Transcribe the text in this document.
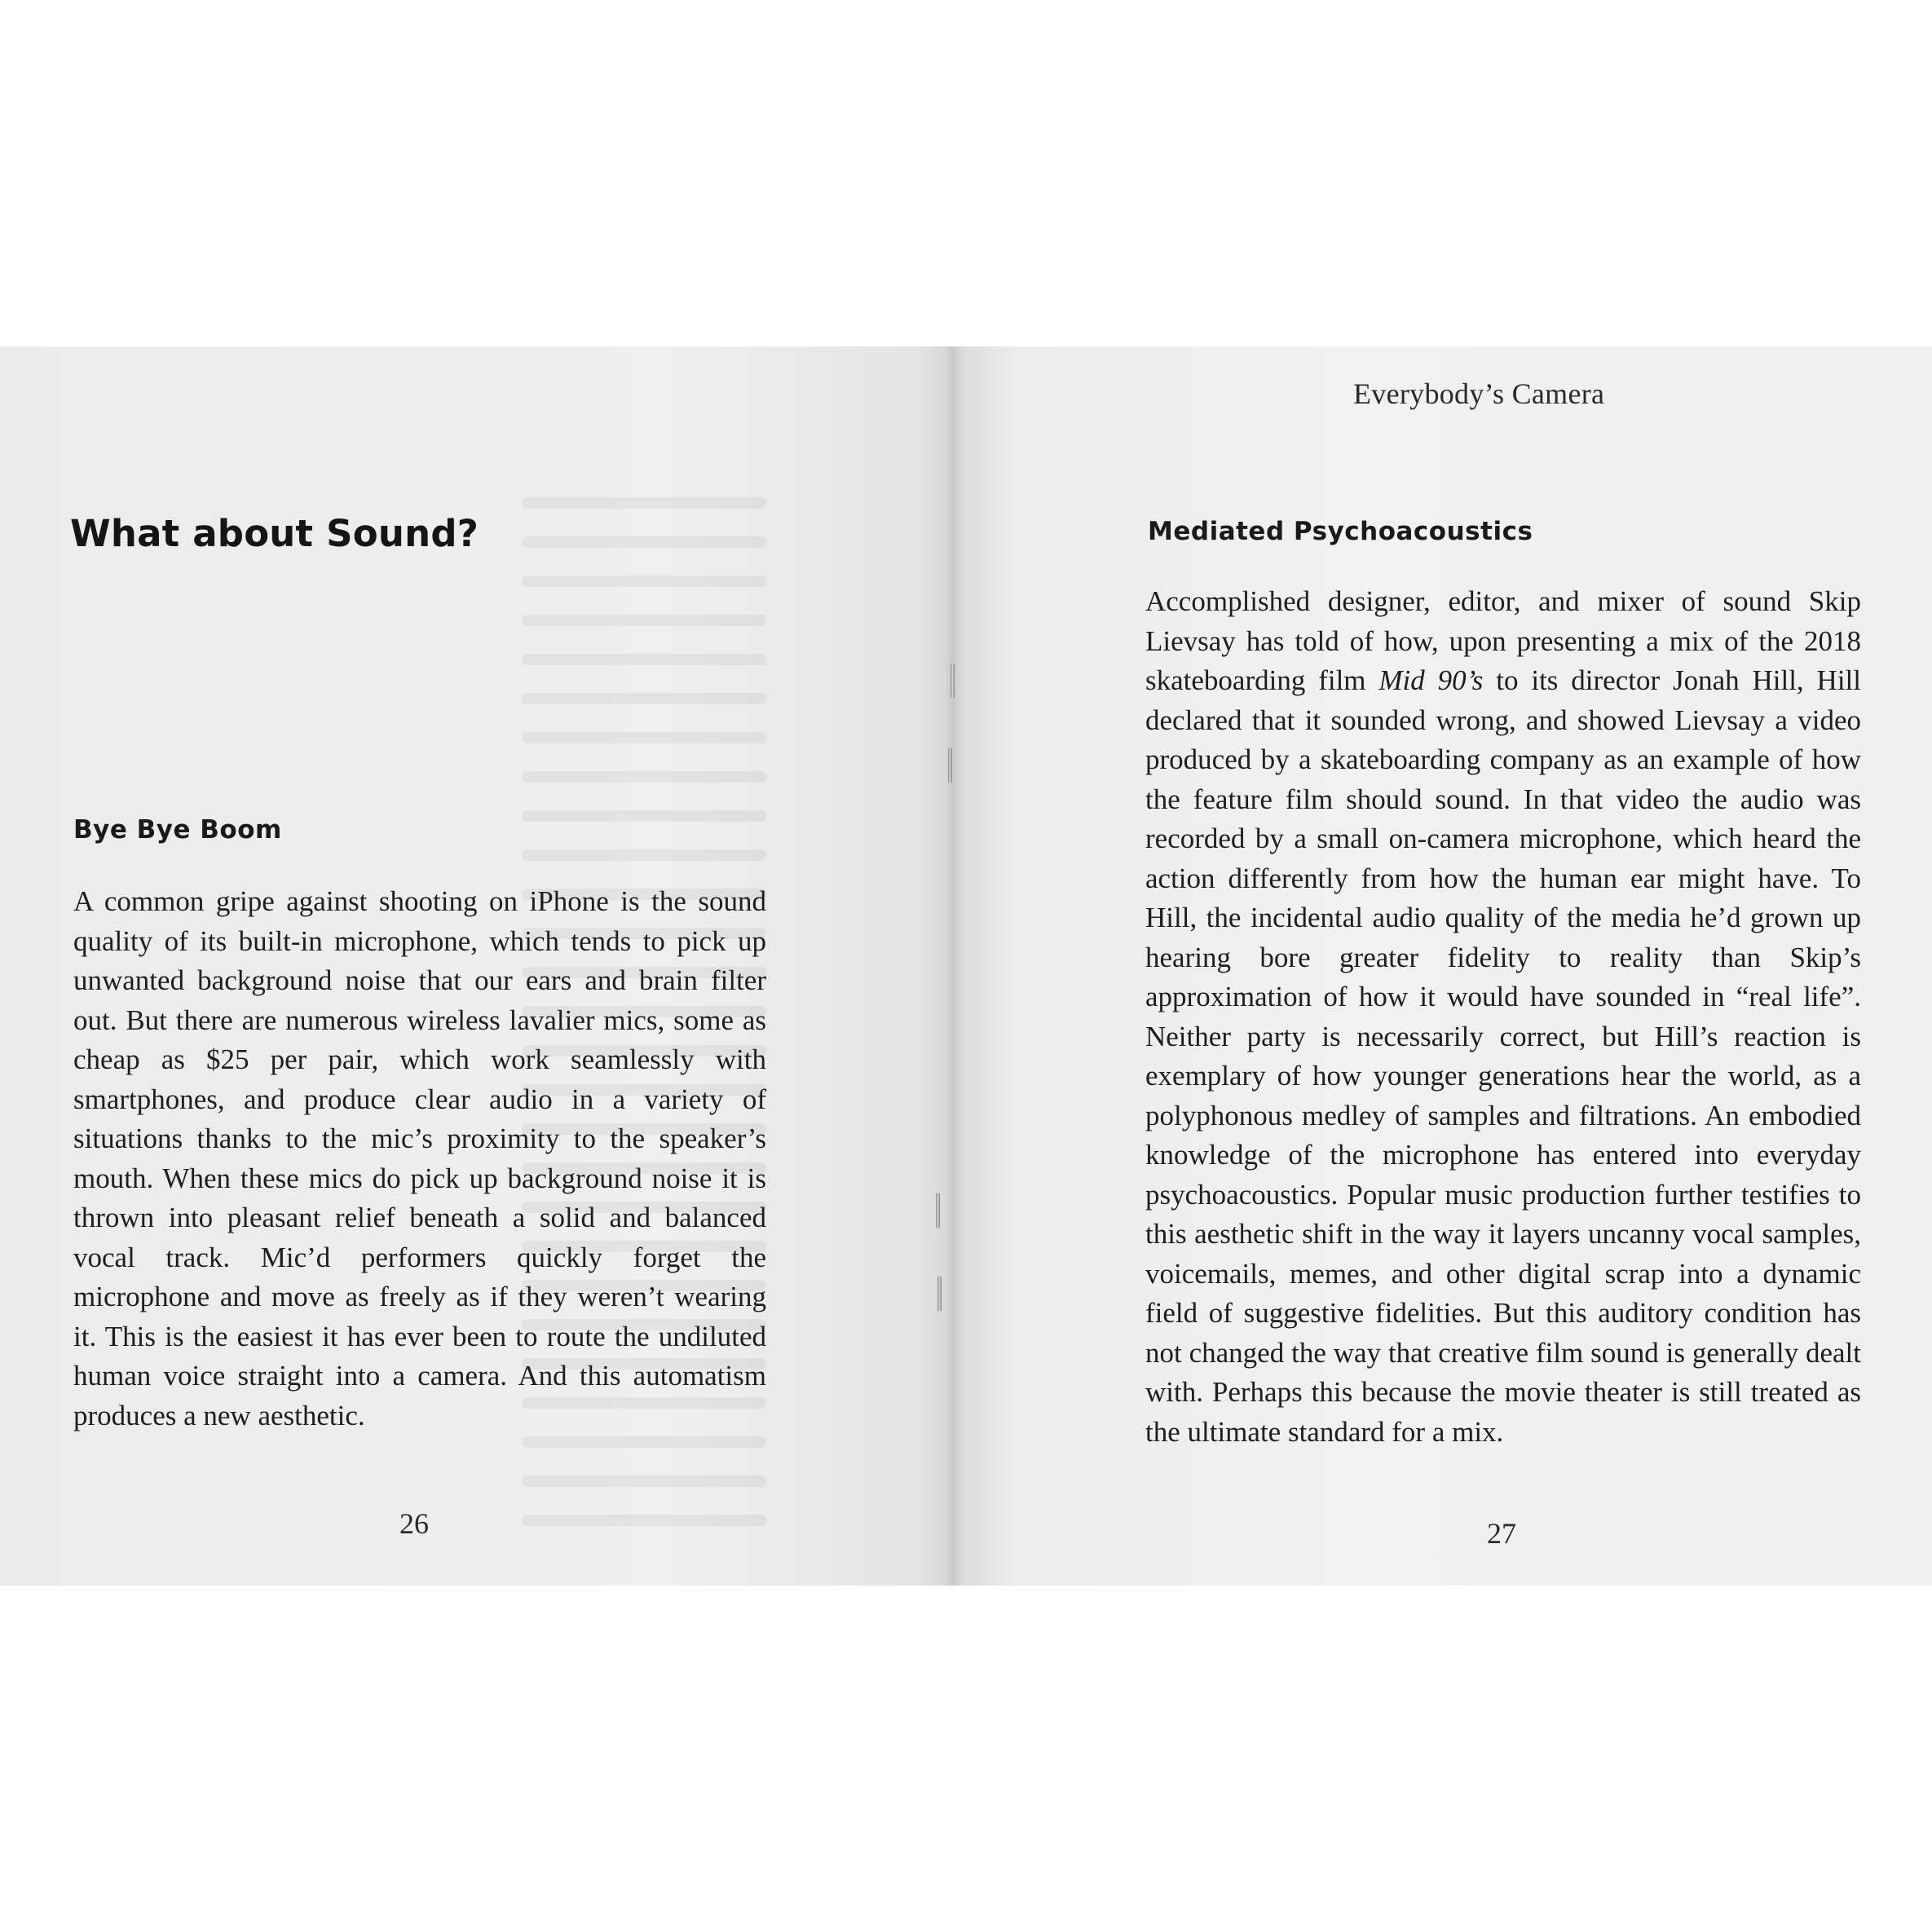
What about Sound?
Bye Bye Boom

A common gripe against shooting on iPhone is the sound quality of its built-in microphone, which tends to pick up unwanted background noise that our ears and brain filter out. But there are numerous wireless lavalier mics, some as cheap as $25 per pair, which work seamlessly with smartphones, and produce clear audio in a variety of situations thanks to the mic’s proximity to the speaker’s mouth. When these mics do pick up background noise it is thrown into pleasant relief beneath a solid and balanced vocal track. Mic’d performers quickly forget the microphone and move as freely as if they weren’t wearing it. This is the easiest it has ever been to route the undiluted human voice straight into a camera. And this automatism produces a new aesthetic.

26
Everybody’s Camera
Mediated Psychoacoustics

Accomplished designer, editor, and mixer of sound Skip Lievsay has told of how, upon presenting a mix of the 2018 skateboarding film Mid 90’s to its director Jonah Hill, Hill declared that it sounded wrong, and showed Lievsay a video produced by a skateboarding company as an example of how the feature film should sound. In that video the audio was recorded by a small on-camera microphone, which heard the action differently from how the human ear might have. To Hill, the incidental audio quality of the media he’d grown up hearing bore greater fidelity to reality than Skip’s approximation of how it would have sounded in “real life”. Neither party is necessarily correct, but Hill’s reaction is exemplary of how younger generations hear the world, as a polyphonous medley of samples and filtrations. An embodied knowledge of the microphone has entered into everyday psychoacoustics. Popular music production further testifies to this aesthetic shift in the way it layers uncanny vocal samples, voicemails, memes, and other digital scrap into a dynamic field of suggestive fidelities. But this auditory condition has not changed the way that creative film sound is generally dealt with. Perhaps this because the movie theater is still treated as the ultimate standard for a mix.

27
